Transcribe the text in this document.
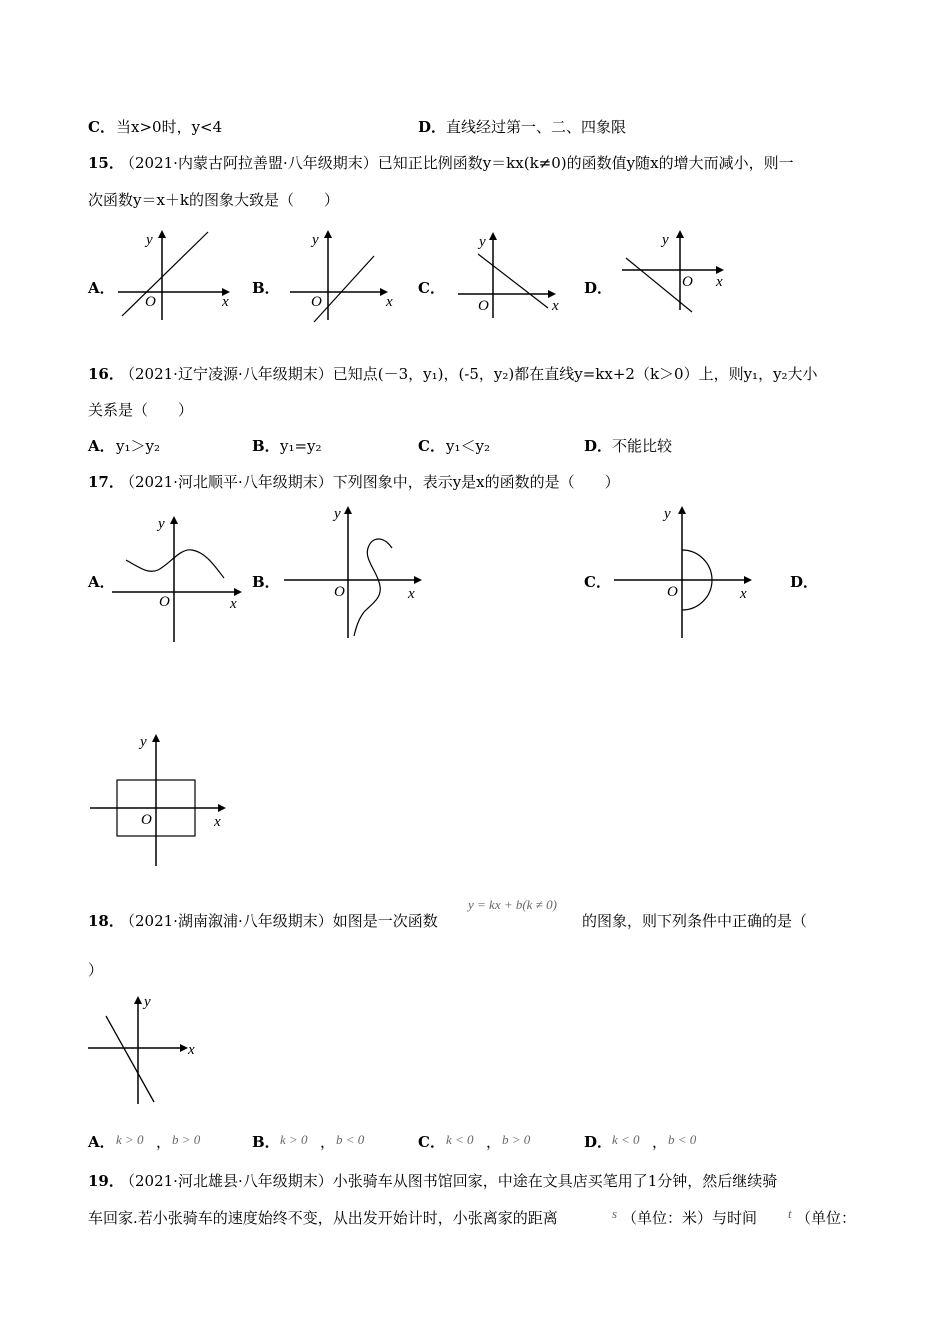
C． 当x>0时，y<4	D． 直线经过第一、二、四象限
15．
（2021·内蒙古阿拉善盟·八年级期末）已知正比例函数y＝kx(k≠0)的函数值y随x的增大而减小，则一
次函数y＝x＋k的图象大致是（　　）
A．	B．	C．	D．
O	x
y
O	x
y
O	x
y
O x
y
16．
（2021·辽宁凌源·八年级期末）已知点(－3，y₁)，(-5，y₂)都在直线y=kx+2（k＞0）上，则y₁，y₂大小
关系是（　　）
A． y₁＞y₂	B． y₁=y₂	C． y₁＜y₂	D． 不能比较
17．
（2021·河北顺平·八年级期末）下列图象中，表示y是x的函数的是（　　）
A．	B．	C．	D．
O	x
y
O	x
y
O	x
y
O	x
y
18．
（2021·湖南溆浦·八年级期末）如图是一次函数
y = kx + b(k ≠ 0)
的图象，则下列条件中正确的是（
）
x
y
A． k > 0 ， b > 0	B． k > 0 ， b < 0	C． k < 0 ， b > 0	D． k < 0 ， b < 0
19．
（2021·河北雄县·八年级期末）小张骑车从图书馆回家，中途在文具店买笔用了1分钟，然后继续骑
车回家.若小张骑车的速度始终不变，从出发开始计时，小张离家的距离	s （单位：米）与时间 t （单位：
